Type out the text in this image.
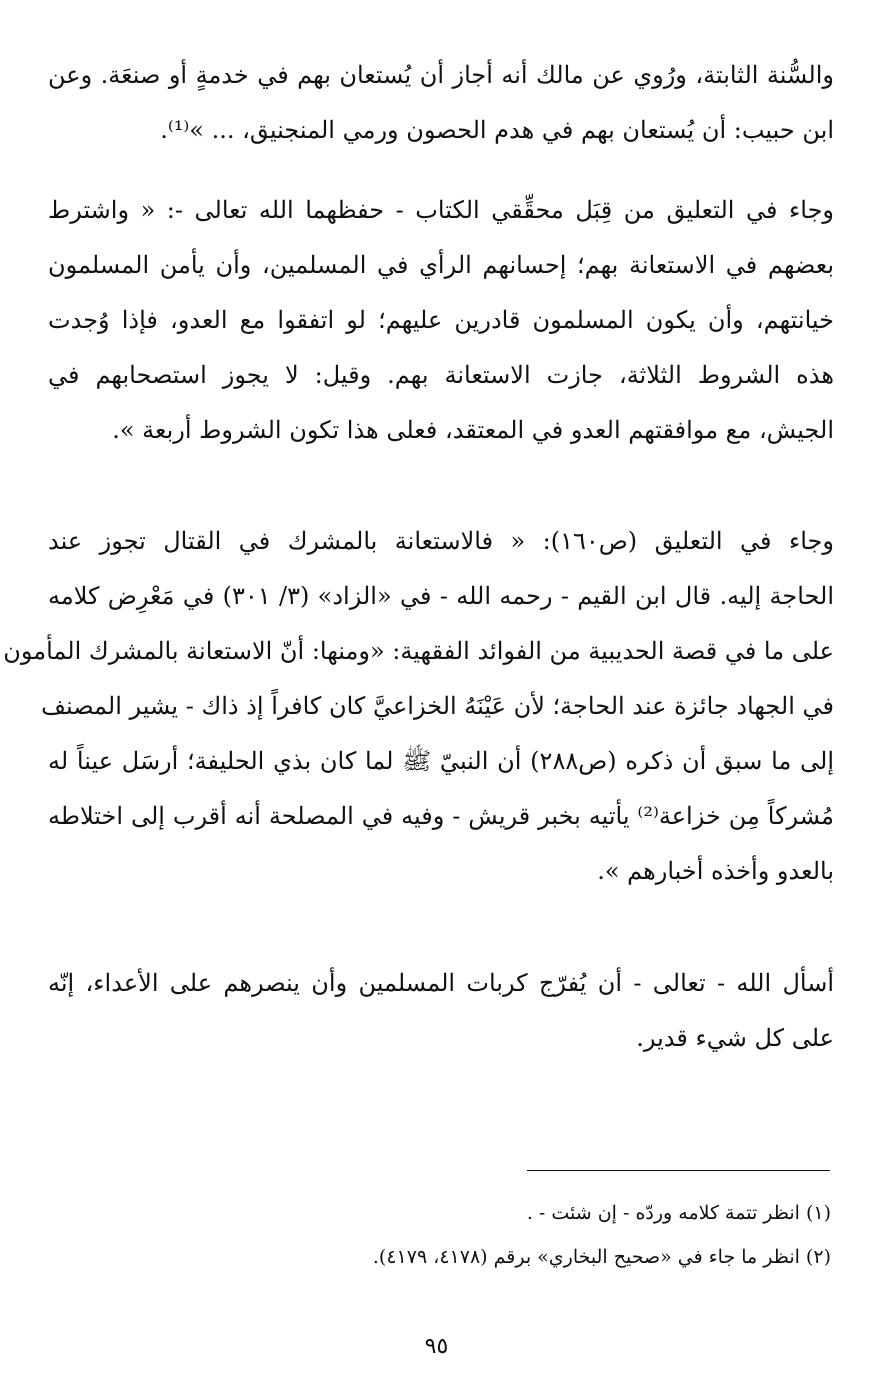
والسُّنة الثابتة، ورُوي عن مالك أنه أجاز أن يُستعان بهم في خدمةٍ أو صنعَة. وعن
ابن حبيب: أن يُستعان بهم في هدم الحصون ورمي المنجنيق، ... »⁽¹⁾.
وجاء في التعليق من قِبَل محقِّقي الكتاب - حفظهما الله تعالى -: « واشترط
بعضهم في الاستعانة بهم؛ إحسانهم الرأي في المسلمين، وأن يأمن المسلمون
خيانتهم، وأن يكون المسلمون قادرين عليهم؛ لو اتفقوا مع العدو، فإذا وُجدت
هذه الشروط الثلاثة، جازت الاستعانة بهم. وقيل: لا يجوز استصحابهم في
الجيش، مع موافقتهم العدو في المعتقد، فعلى هذا تكون الشروط أربعة ».
وجاء في التعليق (ص١٦٠): « فالاستعانة بالمشرك في القتال تجوز عند
الحاجة إليه. قال ابن القيم - رحمه الله - في «الزاد» (٣/ ٣٠١) في مَعْرِض كلامه
على ما في قصة الحديبية من الفوائد الفقهية: «ومنها: أنّ الاستعانة بالمشرك المأمون
في الجهاد جائزة عند الحاجة؛ لأن عَيْنَهُ الخزاعيَّ كان كافراً إذ ذاك - يشير المصنف
إلى ما سبق أن ذكره (ص٢٨٨) أن النبيّ ﷺ لما كان بذي الحليفة؛ أرسَل عيناً له
مُشركاً مِن خزاعة⁽²⁾ يأتيه بخبر قريش - وفيه في المصلحة أنه أقرب إلى اختلاطه
بالعدو وأخذه أخبارهم ».
أسأل الله - تعالى - أن يُفرّج كربات المسلمين وأن ينصرهم على الأعداء، إنّه
على كل شيء قدير.
(١) انظر تتمة كلامه وردّه - إن شئت - .
(٢) انظر ما جاء في «صحيح البخاري» برقم (٤١٧٨، ٤١٧٩).
٩٥
